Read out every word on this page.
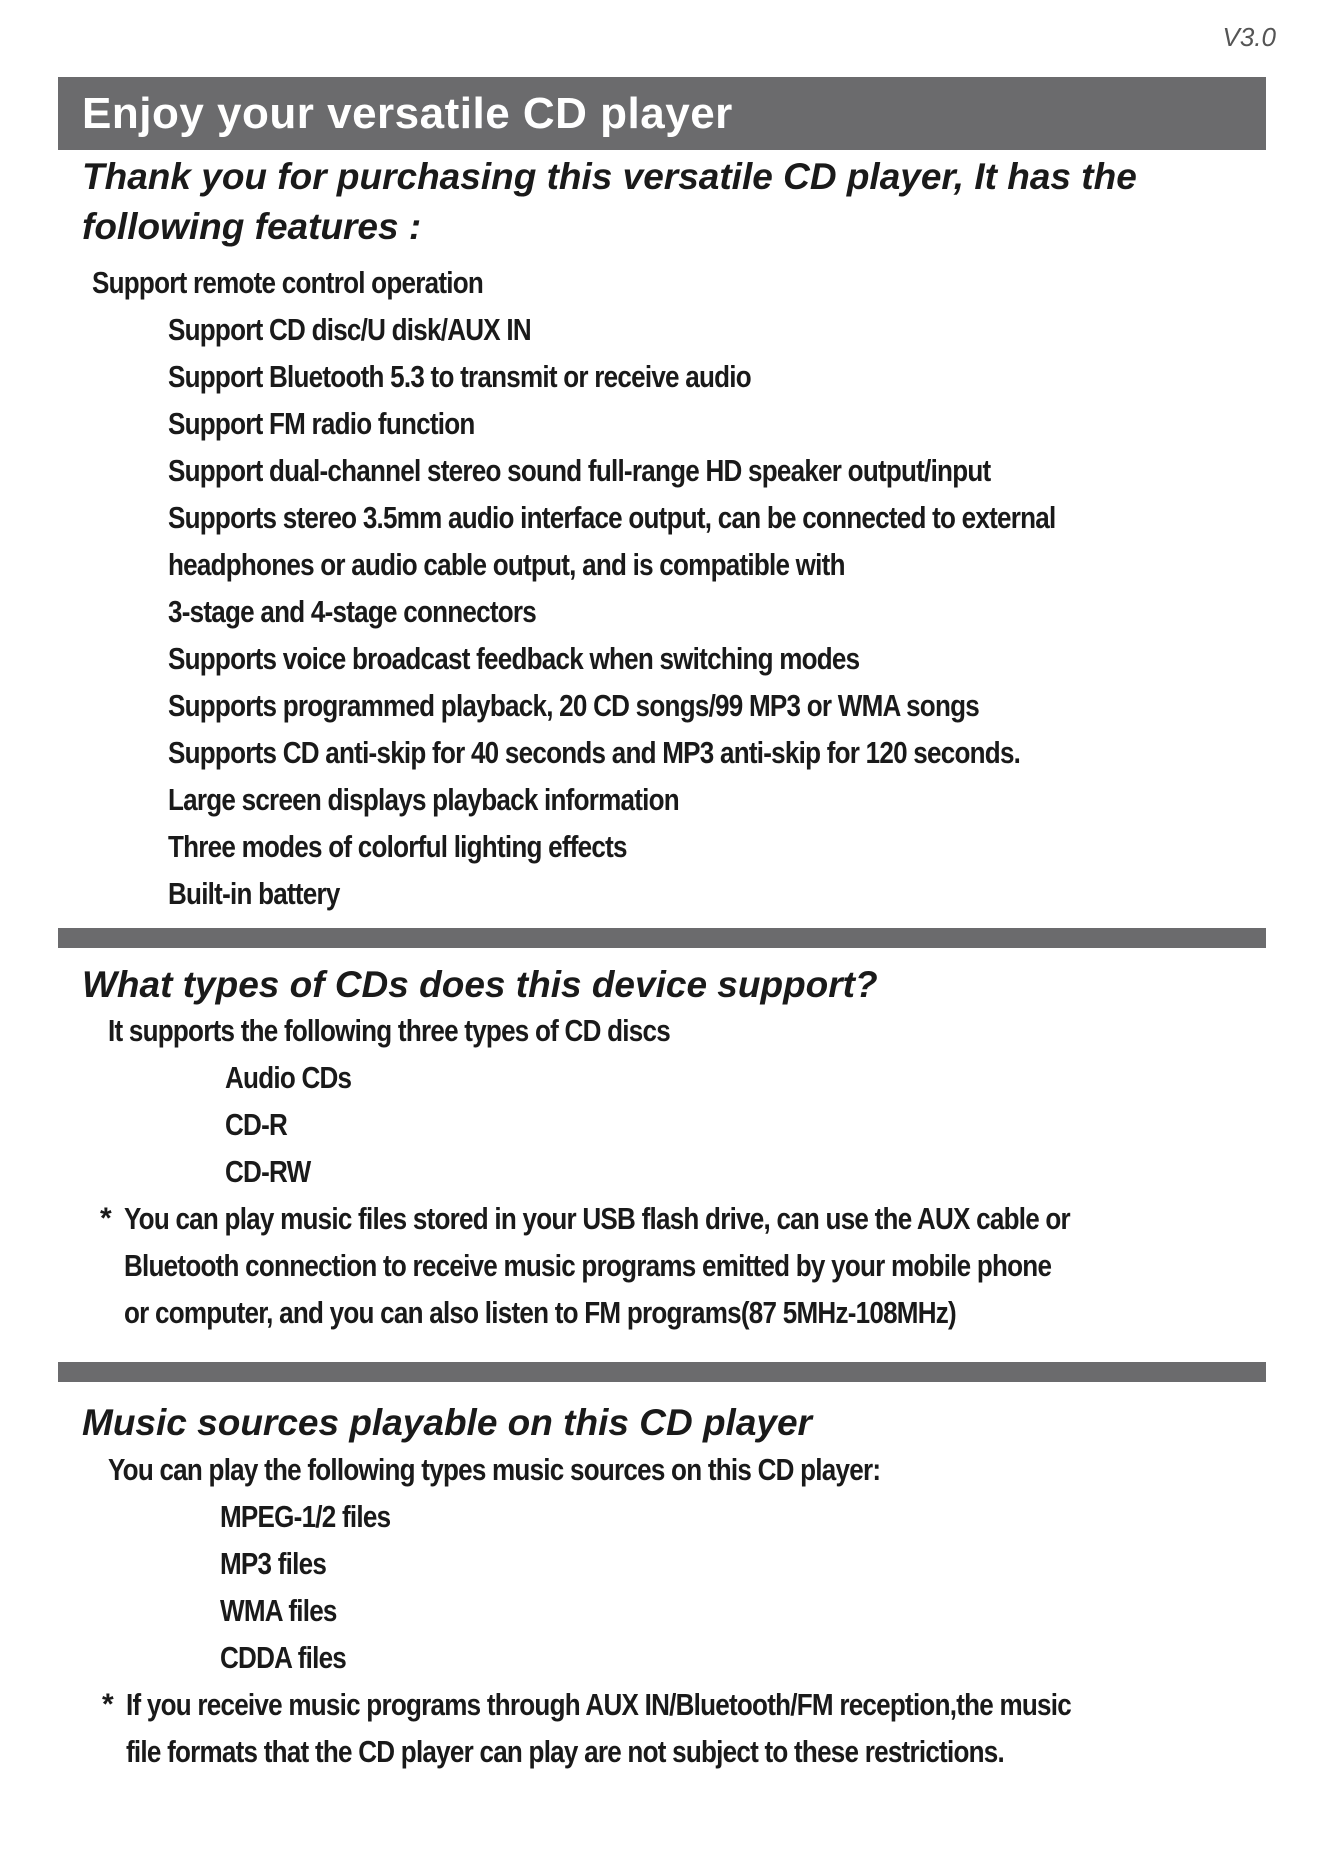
V3.0
Enjoy your versatile CD player
Thank you for purchasing this versatile CD player, It has the
following features :
Support remote control operation
Support CD disc/U disk/AUX IN
Support Bluetooth 5.3 to transmit or receive audio
Support FM radio function
Support dual-channel stereo sound full-range HD speaker output/input
Supports stereo 3.5mm audio interface output, can be connected to external
headphones or audio cable output, and is compatible with
3-stage and 4-stage connectors
Supports voice broadcast feedback when switching modes
Supports programmed playback, 20 CD songs/99 MP3 or WMA songs
Supports CD anti-skip for 40 seconds and MP3 anti-skip for 120 seconds.
Large screen displays playback information
Three modes of colorful lighting effects
Built-in battery
What types of CDs does this device support?
It supports the following three types of CD discs
Audio CDs
CD-R
CD-RW
* You can play music files stored in your USB flash drive, can use the AUX cable or
Bluetooth connection to receive music programs emitted by your mobile phone
or computer, and you can also listen to FM programs(87 5MHz-108MHz)
Music sources playable on this CD player
You can play the following types music sources on this CD player:
MPEG-1/2 files
MP3 files
WMA files
CDDA files
* If you receive music programs through AUX IN/Bluetooth/FM reception,the music
file formats that the CD player can play are not subject to these restrictions.
